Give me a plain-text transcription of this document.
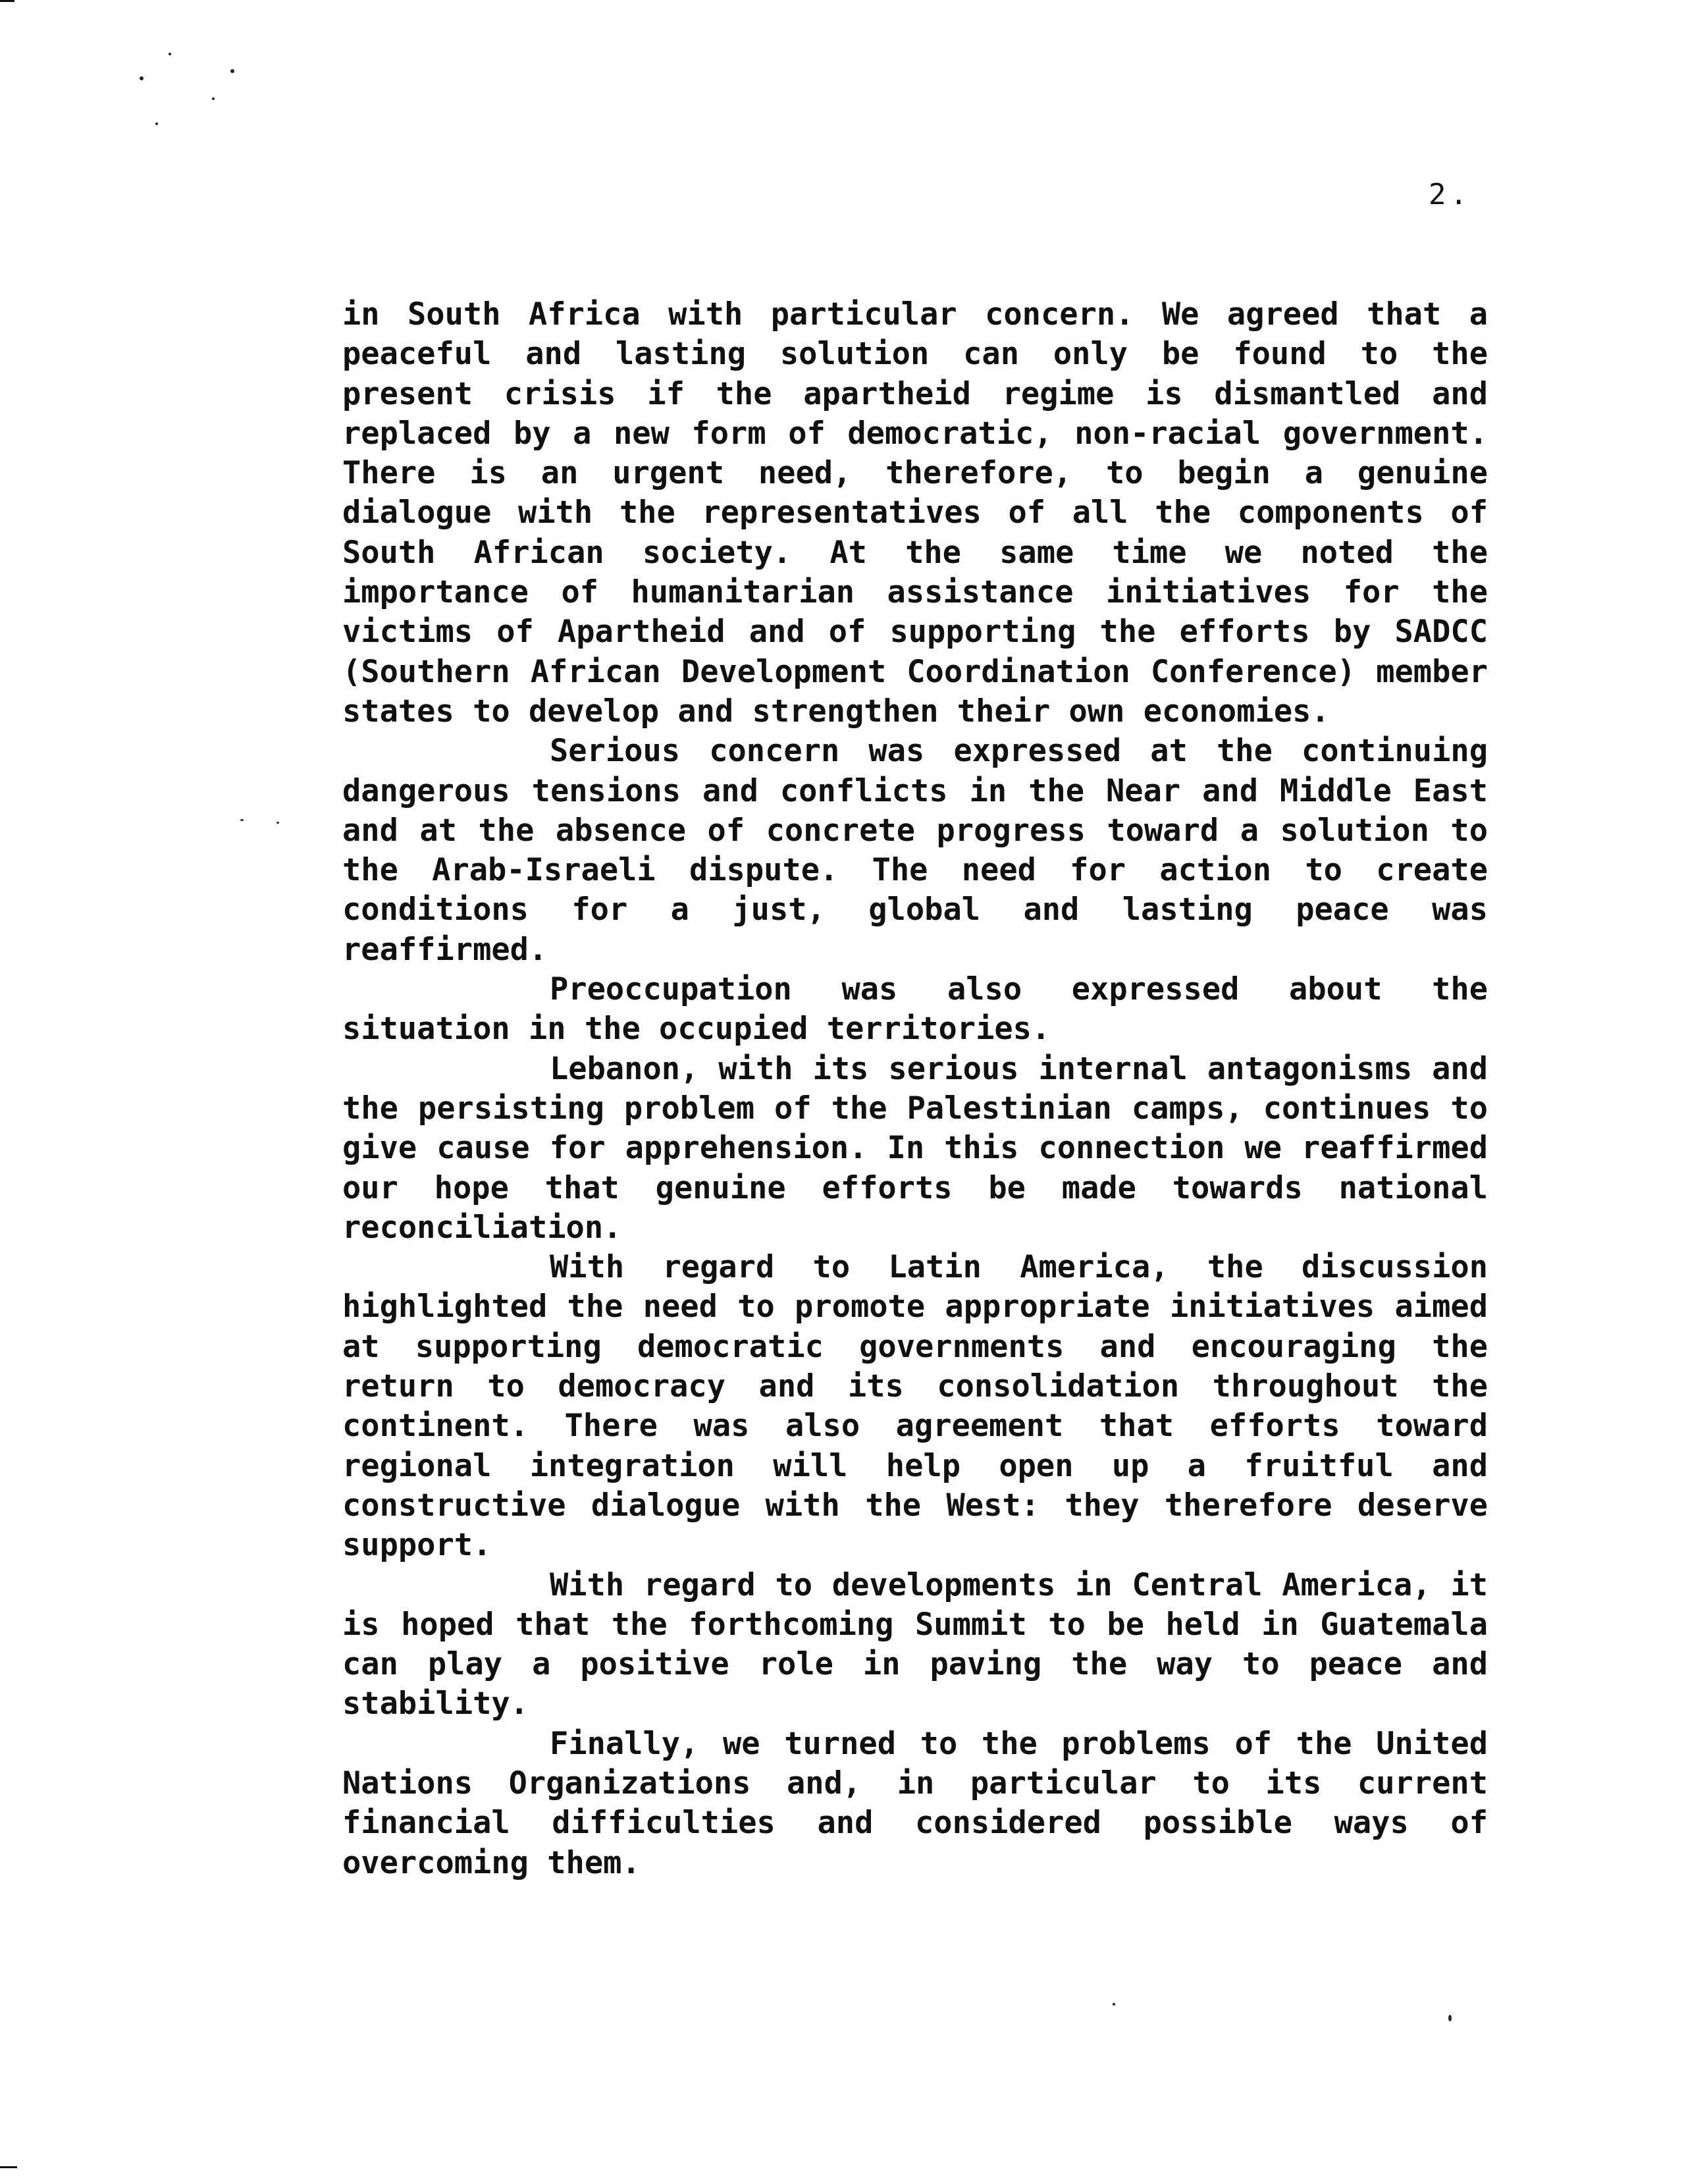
2.

in South Africa with particular concern. We agreed that a peaceful and lasting solution can only be found to the present crisis if the apartheid regime is dismantled and replaced by a new form of democratic, non-racial government. There is an urgent need, therefore, to begin a genuine dialogue with the representatives of all the components of South African society. At the same time we noted the importance of humanitarian assistance initiatives for the victims of Apartheid and of supporting the efforts by SADCC (Southern African Development Coordination Conference) member states to develop and strengthen their own economies.

Serious concern was expressed at the continuing dangerous tensions and conflicts in the Near and Middle East and at the absence of concrete progress toward a solution to the Arab-Israeli dispute. The need for action to create conditions for a just, global and lasting peace was reaffirmed.

Preoccupation was also expressed about the situation in the occupied territories.

Lebanon, with its serious internal antagonisms and the persisting problem of the Palestinian camps, continues to give cause for apprehension. In this connection we reaffirmed our hope that genuine efforts be made towards national reconciliation.

With regard to Latin America, the discussion highlighted the need to promote appropriate initiatives aimed at supporting democratic governments and encouraging the return to democracy and its consolidation throughout the continent. There was also agreement that efforts toward regional integration will help open up a fruitful and constructive dialogue with the West: they therefore deserve support.

With regard to developments in Central America, it is hoped that the forthcoming Summit to be held in Guatemala can play a positive role in paving the way to peace and stability.

Finally, we turned to the problems of the United Nations Organizations and, in particular to its current financial difficulties and considered possible ways of overcoming them.
